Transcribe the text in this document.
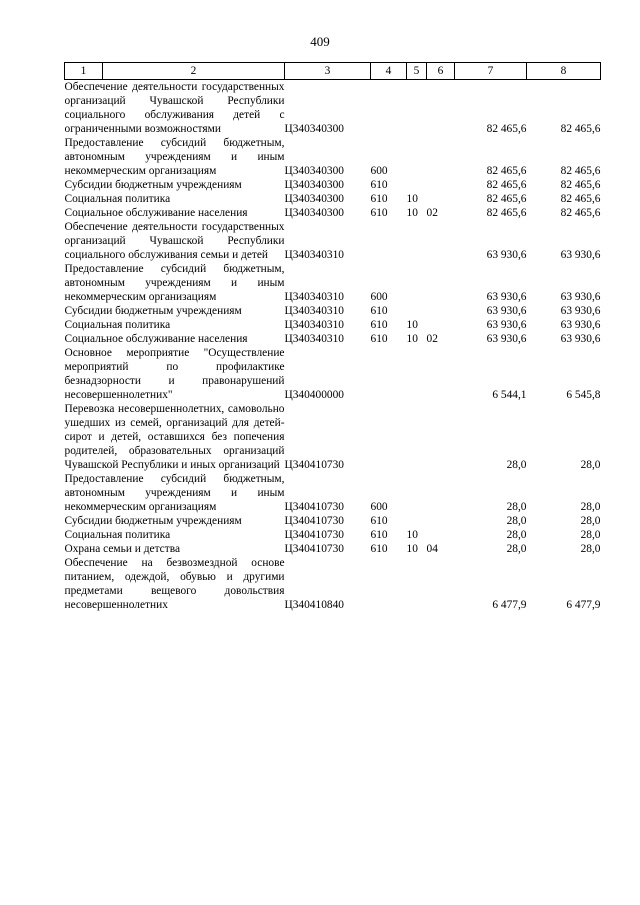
409
1	2	3	4	5	6	7	8

Обеспечение деятельности государственных организаций Чувашской Республики социального обслуживания детей с ограниченными возможностями		Ц340340300				82 465,6	82 465,6

Предоставление субсидий бюджетным, автономным учреждениям и иным некоммерческим организациям		Ц340340300	600			82 465,6	82 465,6

Субсидии бюджетным учреждениям		Ц340340300	610			82 465,6	82 465,6

Социальная политика		Ц340340300	610	10		82 465,6	82 465,6

Социальное обслуживание населения		Ц340340300	610	10	02	82 465,6	82 465,6

Обеспечение деятельности государственных организаций Чувашской Республики социального обслуживания семьи и детей		Ц340340310				63 930,6	63 930,6

Предоставление субсидий бюджетным, автономным учреждениям и иным некоммерческим организациям		Ц340340310	600			63 930,6	63 930,6

Субсидии бюджетным учреждениям		Ц340340310	610			63 930,6	63 930,6

Социальная политика		Ц340340310	610	10		63 930,6	63 930,6

Социальное обслуживание населения		Ц340340310	610	10	02	63 930,6	63 930,6

Основное мероприятие "Осуществление мероприятий по профилактике безнадзорности и правонарушений несовершеннолетних"		Ц340400000				6 544,1	6 545,8

Перевозка несовершеннолетних, самовольно ушедших из семей, организаций для детей-сирот и детей, оставшихся без попечения родителей, образовательных организаций Чувашской Республики и иных организаций		Ц340410730				28,0	28,0

Предоставление субсидий бюджетным, автономным учреждениям и иным некоммерческим организациям		Ц340410730	600			28,0	28,0

Субсидии бюджетным учреждениям		Ц340410730	610			28,0	28,0

Социальная политика		Ц340410730	610	10		28,0	28,0

Охрана семьи и детства		Ц340410730	610	10	04	28,0	28,0

Обеспечение на безвозмездной основе питанием, одеждой, обувью и другими предметами вещевого довольствия несовершеннолетних		Ц340410840				6 477,9	6 477,9
